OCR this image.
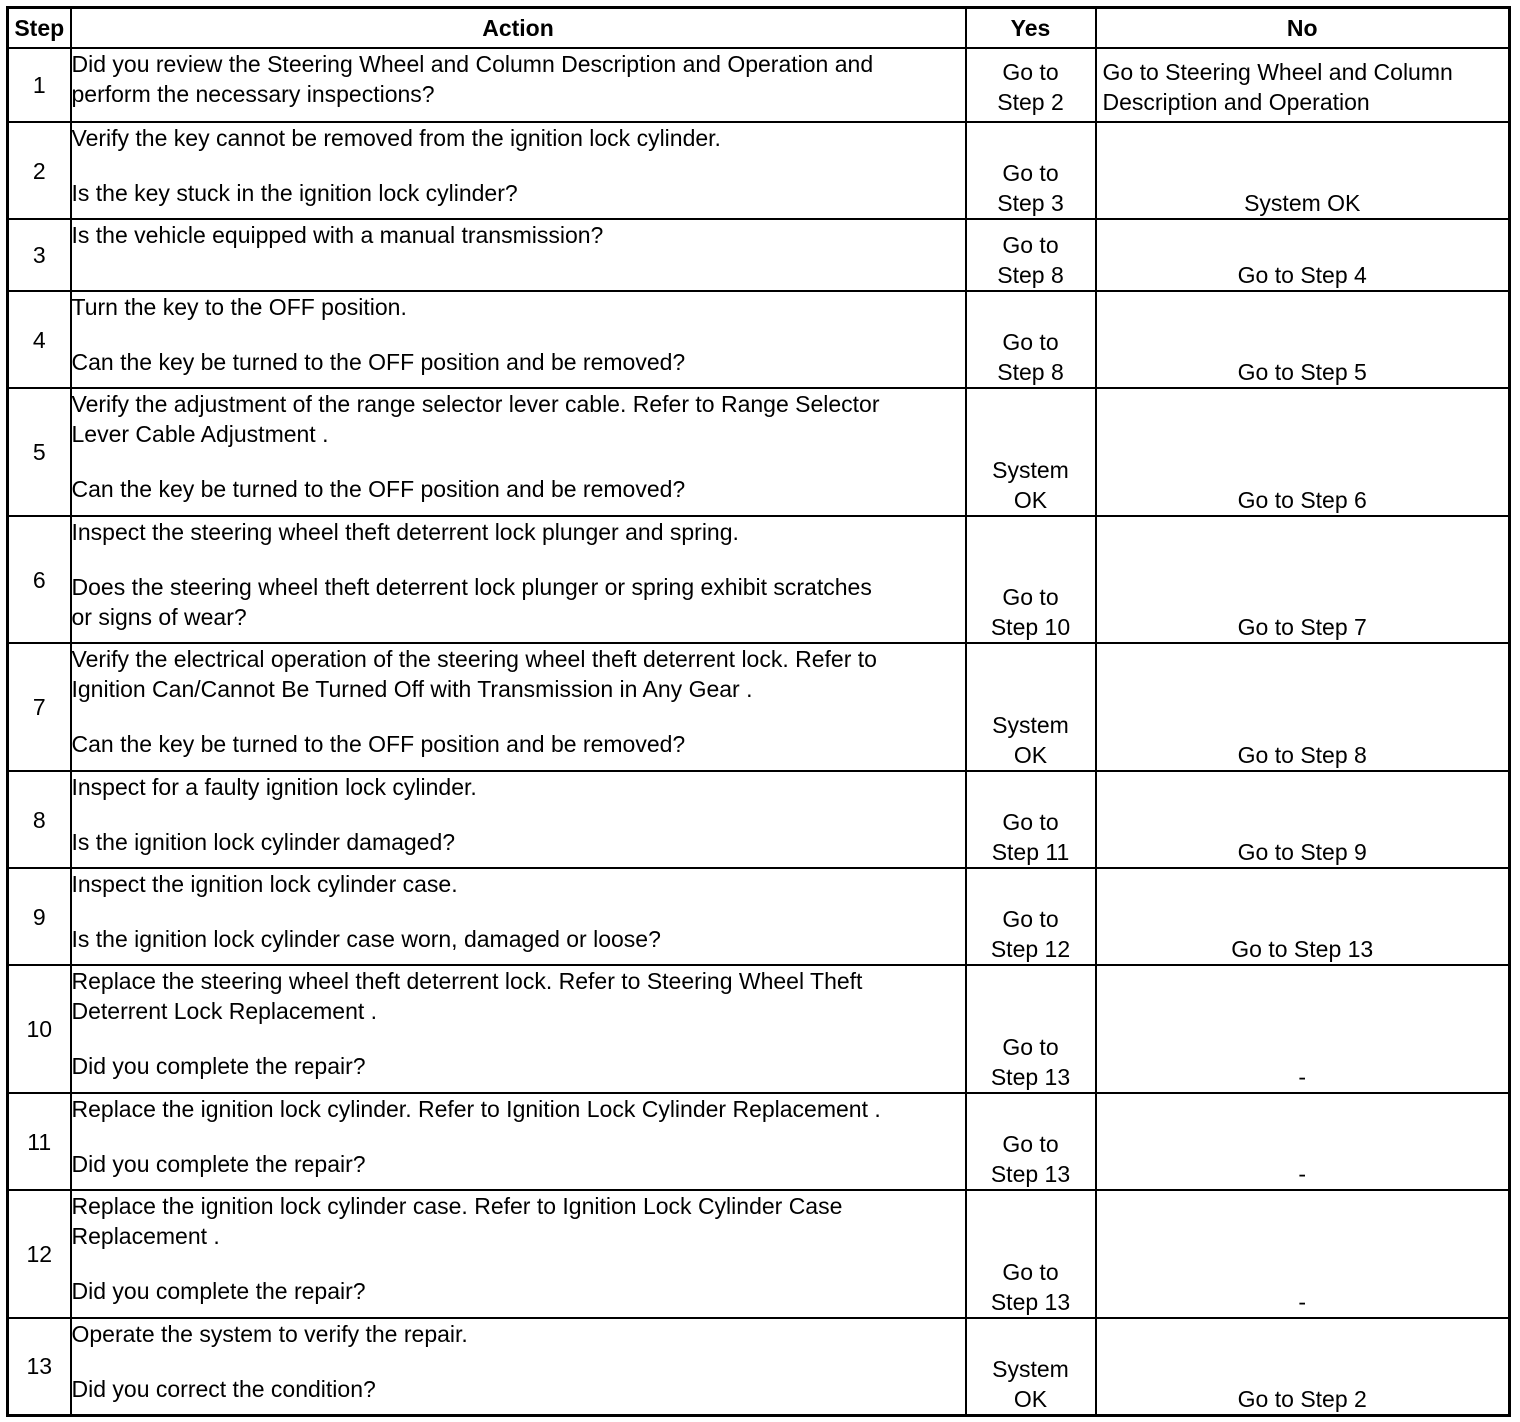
Step	Action	Yes	No
1	Did you review the Steering Wheel and Column Description and Operation and
perform the necessary inspections?	Go to
Step 2	Go to Steering Wheel and Column
Description and Operation

2	Verify the key cannot be removed from the ignition lock cylinder.
Is the key stuck in the ignition lock cylinder?	Go to
Step 3	System OK

3	Is the vehicle equipped with a manual transmission?	Go to
Step 8	Go to Step 4

4	Turn the key to the OFF position.
Can the key be turned to the OFF position and be removed?	Go to
Step 8	Go to Step 5

5	Verify the adjustment of the range selector lever cable. Refer to Range Selector
Lever Cable Adjustment .
Can the key be turned to the OFF position and be removed?	System
OK	Go to Step 6

6	Inspect the steering wheel theft deterrent lock plunger and spring.
Does the steering wheel theft deterrent lock plunger or spring exhibit scratches
or signs of wear?	Go to
Step 10	Go to Step 7

7	Verify the electrical operation of the steering wheel theft deterrent lock. Refer to
Ignition Can/Cannot Be Turned Off with Transmission in Any Gear .
Can the key be turned to the OFF position and be removed?	System
OK	Go to Step 8

8	Inspect for a faulty ignition lock cylinder.
Is the ignition lock cylinder damaged?	Go to
Step 11	Go to Step 9

9	Inspect the ignition lock cylinder case.
Is the ignition lock cylinder case worn, damaged or loose?	Go to
Step 12	Go to Step 13

10	Replace the steering wheel theft deterrent lock. Refer to Steering Wheel Theft
Deterrent Lock Replacement .
Did you complete the repair?	Go to
Step 13	-

11	Replace the ignition lock cylinder. Refer to Ignition Lock Cylinder Replacement .
Did you complete the repair?	Go to
Step 13	-

12	Replace the ignition lock cylinder case. Refer to Ignition Lock Cylinder Case
Replacement .
Did you complete the repair?	Go to
Step 13	-

13	Operate the system to verify the repair.
Did you correct the condition?	System
OK	Go to Step 2
